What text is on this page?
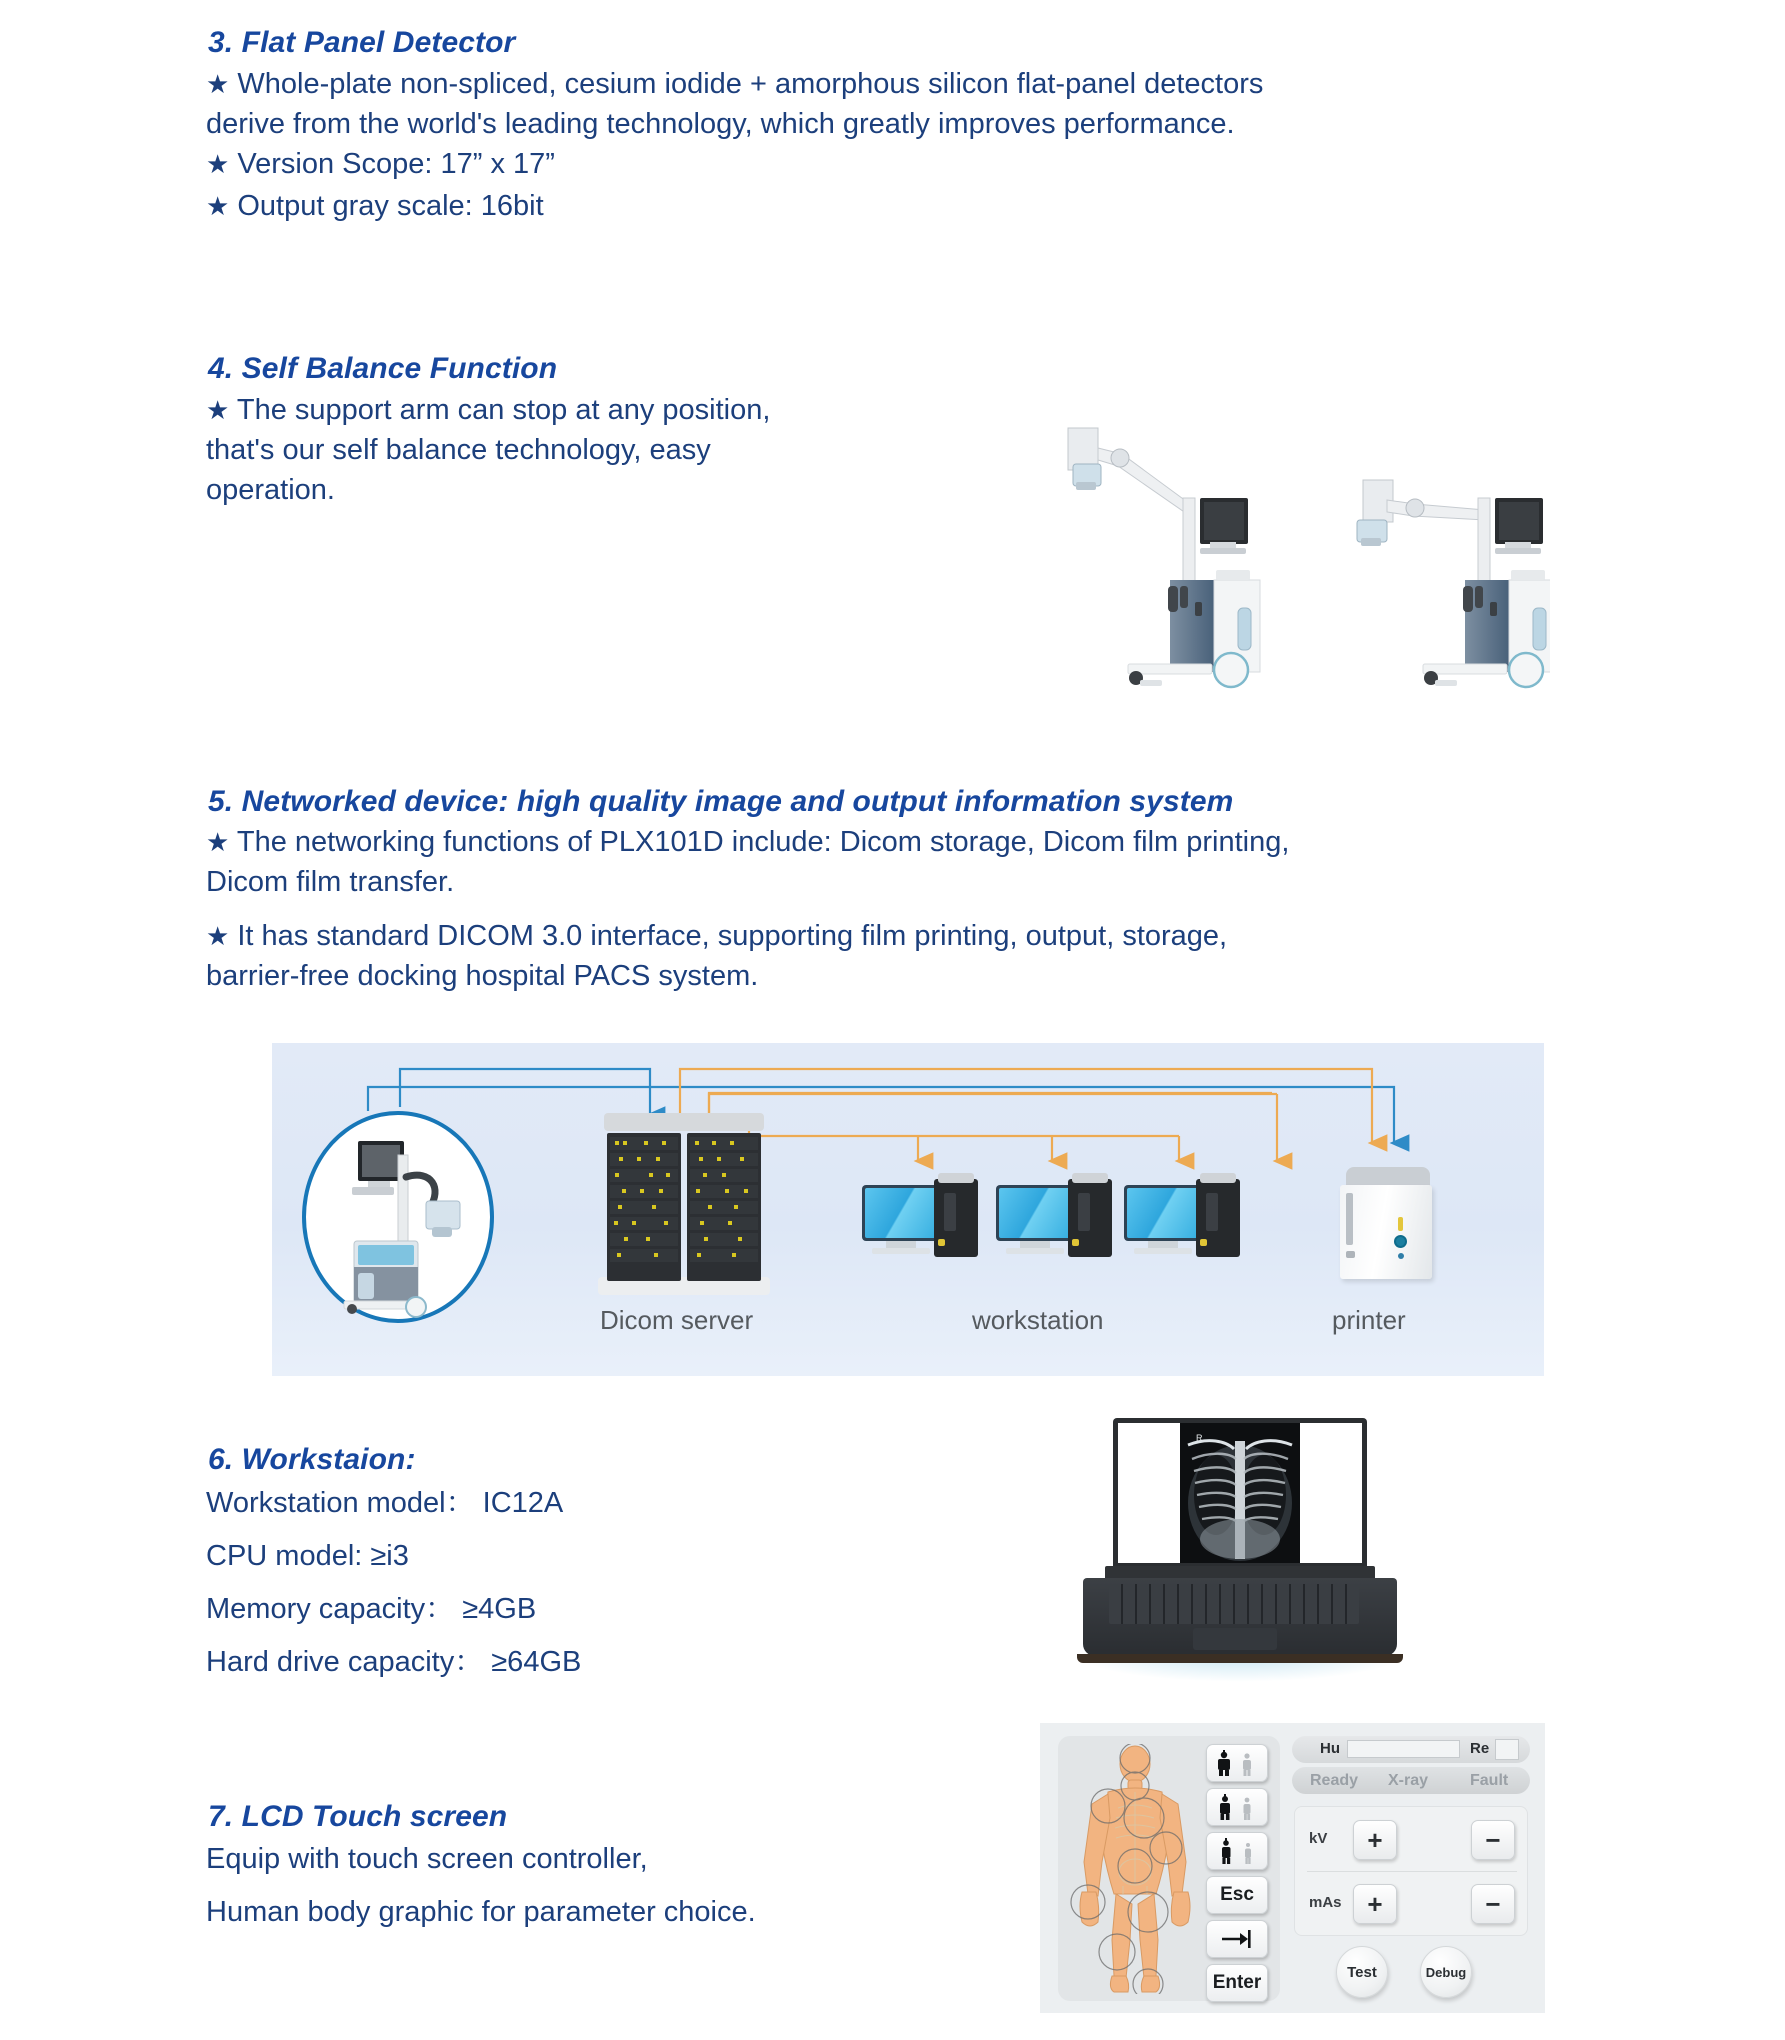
3. Flat Panel Detector
★ Whole-plate non-spliced, cesium iodide + amorphous silicon flat-panel detectors
derive from the world's leading technology, which greatly improves performance.
★ Version Scope: 17” x 17”
★ Output gray scale: 16bit
4. Self Balance Function
★ The support arm can stop at any position,
that's our self balance technology, easy
operation.
5. Networked device: high quality image and output information system
★ The networking functions of PLX101D include: Dicom storage, Dicom film printing,
Dicom film transfer.
★ It has standard DICOM 3.0 interface, supporting film printing, output, storage,
barrier-free docking hospital PACS system.
Dicom server	workstation	printer
6. Workstaion:
Workstation model： IC12A
CPU model: ≥i3
Memory capacity： ≥4GB
Hard drive capacity： ≥64GB
R
7. LCD Touch screen
Equip with touch screen controller,
Human body graphic for parameter choice.
Esc
Enter
Hu	Re
Ready X-ray	Fault
kV	+	−
mAs +	−
Test	Debug
